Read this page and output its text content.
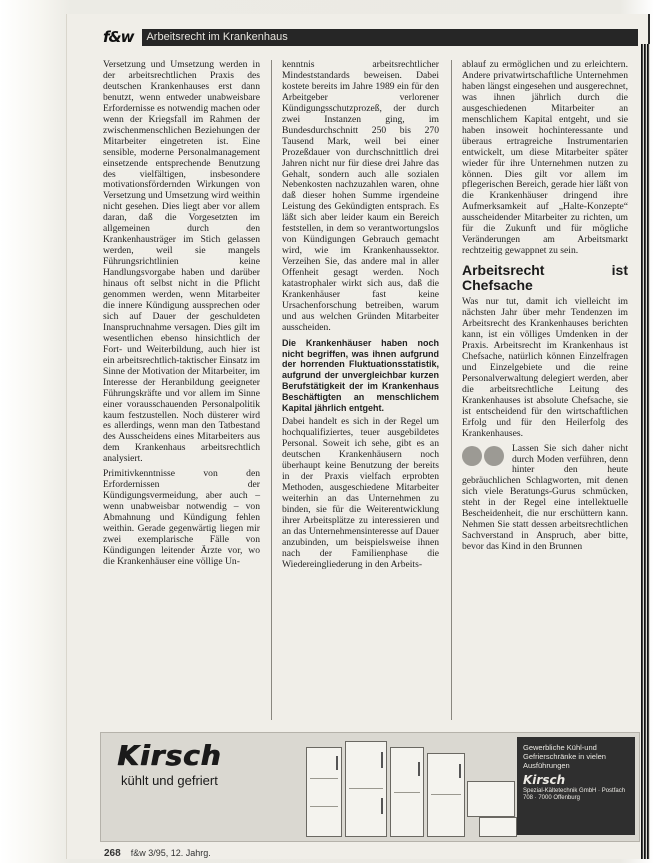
f&w Arbeitsrecht im Krankenhaus

Versetzung und Umsetzung werden in der arbeitsrechtlichen Praxis des deutschen Krankenhauses erst dann benutzt, wenn entweder unabweisbare Erfordernisse es notwendig machen oder wenn der Kriegsfall im Rahmen der zwischenmenschlichen Beziehungen der Mitarbeiter eingetreten ist. Eine sensible, moderne Personalmanagement einsetzende entsprechende Benutzung des vielfältigen, insbesondere motivationsfördernden Wirkungen von Versetzung und Umsetzung wird weithin nicht gesehen. Dies liegt aber vor allem daran, daß die Vorgesetzten im allgemeinen durch den Krankenhausträger im Stich gelassen werden, weil sie mangels Führungsrichtlinien keine Handlungsvorgabe haben und darüber hinaus oft selbst nicht in die Pflicht genommen werden, wenn Mitarbeiter die innere Kündigung aussprechen oder sich auf Dauer der geschuldeten Inanspruchnahme versagen. Dies gilt im wesentlichen ebenso hinsichtlich der Fort- und Weiterbildung, auch hier ist ein arbeitsrechtlich-taktischer Einsatz im Sinne der Motivation der Mitarbeiter, im Interesse der Heranbildung geeigneter Führungskräfte und vor allem im Sinne einer vorausschauenden Personalpolitik kaum festzustellen. Noch düsterer wird es allerdings, wenn man den Tatbestand des Ausscheidens eines Mitarbeiters aus dem Krankenhaus arbeitsrechtlich analysiert.

Primitivkenntnisse von den Erfordernissen der Kündigungsvermeidung, aber auch – wenn unabweisbar notwendig – von Abmahnung und Kündigung fehlen weithin. Gerade gegenwärtig liegen mir zwei exemplarische Fälle von Kündigungen leitender Ärzte vor, wo die Krankenhäuser eine völlige Un-

kenntnis arbeitsrechtlicher Mindeststandards beweisen. Dabei kostete bereits im Jahre 1989 ein für den Arbeitgeber verlorener Kündigungsschutzprozeß, der durch zwei Instanzen ging, im Bundesdurchschnitt 250 bis 270 Tausend Mark, weil bei einer Prozeßdauer von durchschnittlich drei Jahren nicht nur für diese drei Jahre das Gehalt, sondern auch alle sozialen Nebenkosten nachzuzahlen waren, ohne daß dieser hohen Summe irgendeine Leistung des Gekündigten entsprach. Es läßt sich aber leider kaum ein Bereich feststellen, in dem so verantwortungslos von Kündigungen Gebrauch gemacht wird, wie im Krankenhaussektor. Verzeihen Sie, das andere mal in aller Offenheit gesagt werden. Noch katastrophaler wirkt sich aus, daß die Krankenhäuser fast keine Ursachenforschung betreiben, warum und aus welchen Gründen Mitarbeiter ausscheiden.

Die Krankenhäuser haben noch nicht begriffen, was ihnen aufgrund der horrenden Fluktuationsstatistik, aufgrund der unvergleichbar kurzen Berufstätigkeit der im Krankenhaus Beschäftigten an menschlichem Kapital jährlich entgeht.

Dabei handelt es sich in der Regel um hochqualifiziertes, teuer ausgebildetes Personal. Soweit ich sehe, gibt es an deutschen Krankenhäusern noch überhaupt keine Benutzung der bereits in der Praxis vielfach erprobten Methoden, ausgeschiedene Mitarbeiter weiterhin an das Unternehmen zu binden, sie für die Weiterentwicklung ihrer Arbeitsplätze zu interessieren und an das Unternehmensinteresse auf Dauer anzubinden, um beispielsweise ihnen nach der Familienphase die Wiedereingliederung in den Arbeits-

ablauf zu ermöglichen und zu erleichtern. Andere privatwirtschaftliche Unternehmen haben längst eingesehen und ausgerechnet, was ihnen jährlich durch die ausgeschiedenen Mitarbeiter an menschlichem Kapital entgeht, und sie haben insoweit hochinteressante und überaus ertragreiche Instrumentarien entwickelt, um diese Mitarbeiter später wieder für ihre Unternehmen nutzen zu können. Dies gilt vor allem im pflegerischen Bereich, gerade hier läßt von die Krankenhäuser dringend ihre Aufmerksamkeit auf „Halte-Konzepte“ ausscheidender Mitarbeiter zu richten, um für die Zukunft und für mögliche Veränderungen am Arbeitsmarkt rechtzeitig gewappnet zu sein.

Arbeitsrecht ist Chefsache

Was nur tut, damit ich vielleicht im nächsten Jahr über mehr Tendenzen im Arbeitsrecht des Krankenhauses berichten kann, ist ein völliges Umdenken in der Praxis. Arbeitsrecht im Krankenhaus ist Chefsache, natürlich können Einzelfragen und Einzelgebiete und die reine Personalverwaltung delegiert werden, aber die arbeitsrechtliche Leitung des Krankenhauses ist absolute Chefsache, sie ist entscheidend für den wirtschaftlichen Erfolg und für den Heilerfolg des Krankenhauses.

Lassen Sie sich daher nicht durch Moden verführen, denn hinter den heute gebräuchlichen Schlagworten, mit denen sich viele Beratungs-Gurus schmücken, steht in der Regel eine intellektuelle Bescheidenheit, die nur erschüttern kann. Nehmen Sie statt dessen arbeitsrechtlichen Sachverstand in Anspruch, aber bitte, bevor das Kind in den Brunnen

Kirsch
kühlt und gefriert
Gewerbliche Kühl-und Gefrierschränke in vielen Ausführungen
Kirsch
Spezial-Kältetechnik GmbH · Postfach 708 · 7000 Offenburg
268 f&w 3/95, 12. Jahrg.
